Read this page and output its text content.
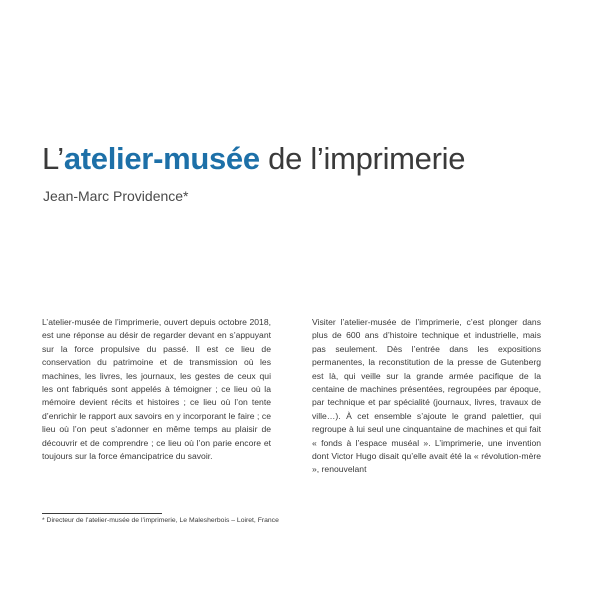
L’atelier-musée de l’imprimerie
Jean-Marc Providence*

L’atelier-musée de l’imprimerie, ouvert depuis octobre 2018, est une réponse au désir de regarder devant en s’appuyant sur la force propulsive du passé. Il est ce lieu de conservation du patrimoine et de transmission où les machines, les livres, les journaux, les gestes de ceux qui les ont fabriqués sont appelés à témoigner ; ce lieu où la mémoire devient récits et histoires ; ce lieu où l’on tente d’enrichir le rapport aux savoirs en y incorporant le faire ; ce lieu où l’on peut s’adonner en même temps au plaisir de découvrir et de comprendre ; ce lieu où l’on parie encore et toujours sur la force émancipatrice du savoir.

Visiter l’atelier-musée de l’imprimerie, c’est plonger dans plus de 600 ans d’histoire technique et industrielle, mais pas seulement. Dès l’entrée dans les expositions permanentes, la reconstitution de la presse de Gutenberg est là, qui veille sur la grande armée pacifique de la centaine de machines présentées, regroupées par époque, par technique et par spécialité (journaux, livres, travaux de ville…). À cet ensemble s’ajoute le grand palettier, qui regroupe à lui seul une cinquantaine de machines et qui fait « fonds à l’espace muséal ». L’imprimerie, une invention dont Victor Hugo disait qu’elle avait été la « révolution-mère », renouvelant

* Directeur de l’atelier-musée de l’imprimerie, Le Malesherbois – Loiret, France
